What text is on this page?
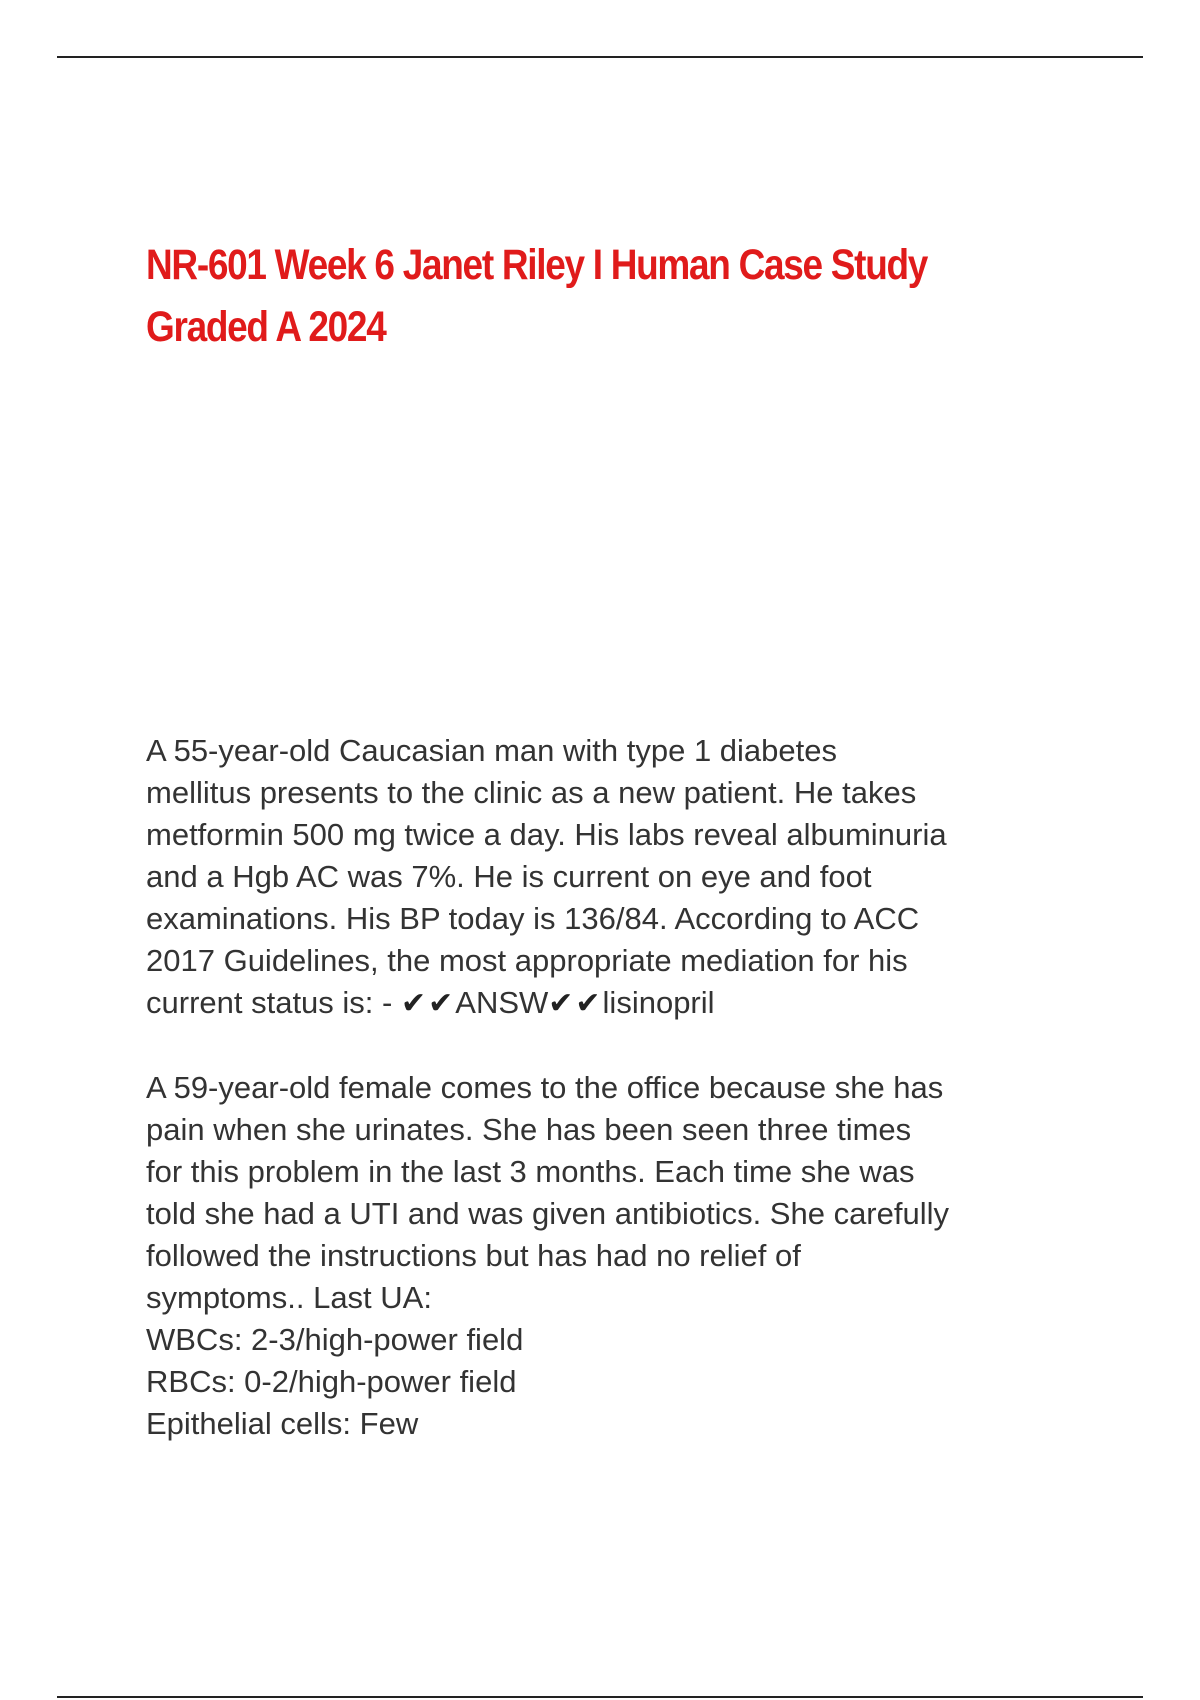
NR-601 Week 6 Janet Riley I Human Case Study
Graded A 2024

A 55-year-old Caucasian man with type 1 diabetes
mellitus presents to the clinic as a new patient. He takes
metformin 500 mg twice a day. His labs reveal albuminuria
and a Hgb AC was 7%. He is current on eye and foot
examinations. His BP today is 136/84. According to ACC
2017 Guidelines, the most appropriate mediation for his
current status is: - ✔✔ANSW✔✔lisinopril

A 59-year-old female comes to the office because she has
pain when she urinates. She has been seen three times
for this problem in the last 3 months. Each time she was
told she had a UTI and was given antibiotics. She carefully
followed the instructions but has had no relief of
symptoms.. Last UA:
WBCs: 2-3/high-power field
RBCs: 0-2/high-power field
Epithelial cells: Few
